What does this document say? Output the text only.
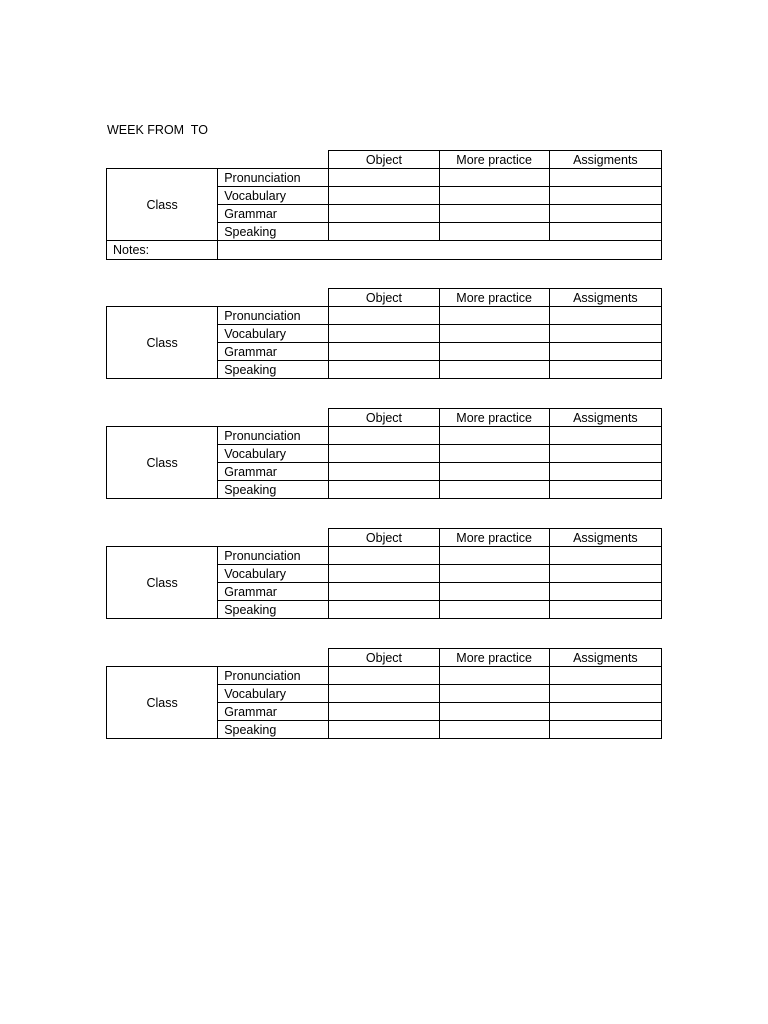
WEEK FROM  TO
		Object	More practice	Assigments
Class	Pronunciation			
	Vocabulary			
	Grammar			
	Speaking			
Notes:				
		Object	More practice	Assigments
Class	Pronunciation			
	Vocabulary			
	Grammar			
	Speaking			
		Object	More practice	Assigments
Class	Pronunciation			
	Vocabulary			
	Grammar			
	Speaking			
		Object	More practice	Assigments
Class	Pronunciation			
	Vocabulary			
	Grammar			
	Speaking			
		Object	More practice	Assigments
Class	Pronunciation			
	Vocabulary			
	Grammar			
	Speaking			
